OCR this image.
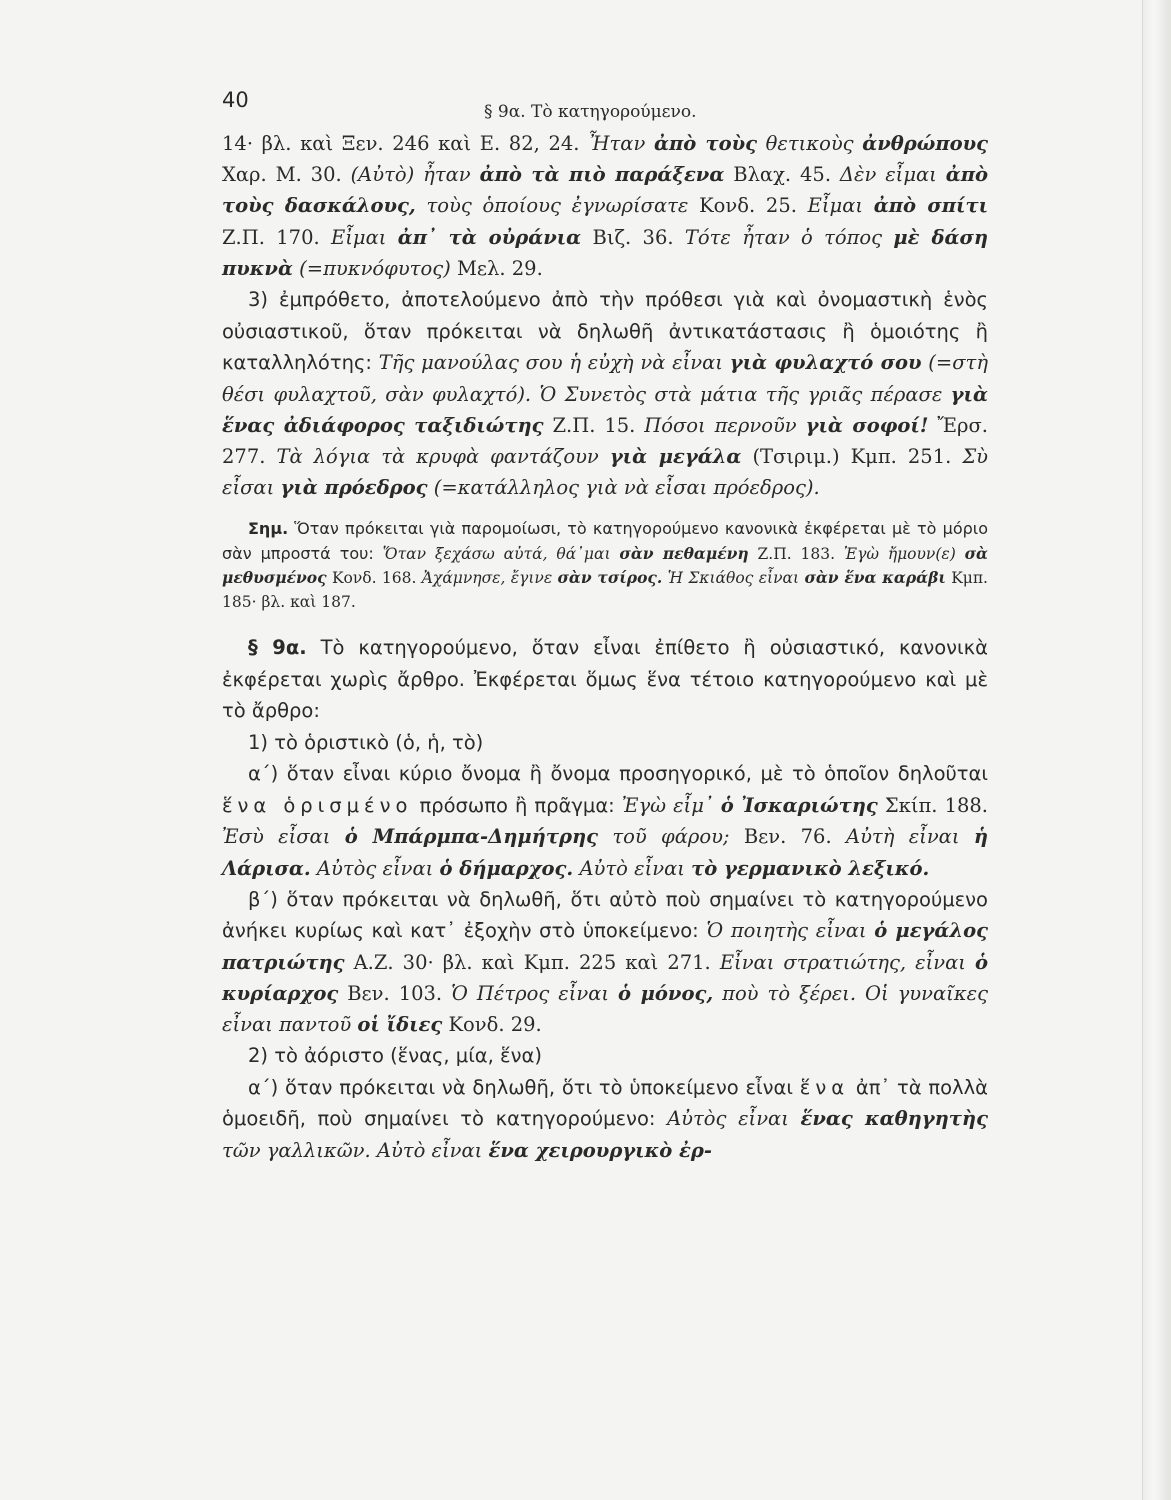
40	§ 9α. Τὸ κατηγορούμενο.

14· βλ. καὶ Ξεν. 246 καὶ Ε. 82, 24. Ἦταν ἀπὸ τοὺς θετικοὺς ἀνθρώπους Χαρ. Μ. 30. (Αὐτὸ) ἦταν ἀπὸ τὰ πιὸ παράξενα Βλαχ. 45. Δὲν εἶμαι ἀπὸ τοὺς δασκάλους, τοὺς ὁποίους ἐγνωρίσατε Κονδ. 25. Εἶμαι ἀπὸ σπίτι Ζ.Π. 170. Εἶμαι ἀπ᾽ τὰ οὐράνια Βιζ. 36. Τότε ἦταν ὁ τόπος μὲ δάση πυκνὰ (=πυκνόφυτος) Μελ. 29.

3) ἐμπρόθετο, ἀποτελούμενο ἀπὸ τὴν πρόθεσι γιὰ καὶ ὀνομαστικὴ ἑνὸς οὐσιαστικοῦ, ὅταν πρόκειται νὰ δηλωθῆ ἀντικατάστασις ἢ ὁμοιότης ἢ καταλληλότης: Τῆς μανούλας σου ἡ εὐχὴ νὰ εἶναι γιὰ φυλαχτό σου (=στὴ θέσι φυλαχτοῦ, σὰν φυλαχτό). Ὁ Συνετὸς στὰ μάτια τῆς γριᾶς πέρασε γιὰ ἕνας ἀδιάφορος ταξιδιώτης Ζ.Π. 15. Πόσοι περνοῦν γιὰ σοφοί! Ἔρσ. 277. Τὰ λόγια τὰ κρυφὰ φαντάζουν γιὰ μεγάλα (Τσιριμ.) Κμπ. 251. Σὺ εἶσαι γιὰ πρόεδρος (=κατάλληλος γιὰ νὰ εἶσαι πρόεδρος).

Σημ. Ὅταν πρόκειται γιὰ παρομοίωσι, τὸ κατηγορούμενο κανονικὰ ἐκφέρεται μὲ τὸ μόριο σὰν μπροστά του: Ὅταν ξεχάσω αὐτά, θά᾽μαι σὰν πεθαμένη Ζ.Π. 183. Ἐγὼ ἤμουν(ε) σὰ μεθυσμένος Κονδ. 168. Ἀχάμνησε, ἔγινε σὰν τσίρος. Ἡ Σκιάθος εἶναι σὰν ἕνα καράβι Κμπ. 185· βλ. καὶ 187.

§ 9α. Τὸ κατηγορούμενο, ὅταν εἶναι ἐπίθετο ἢ οὐσιαστικό, κανονικὰ ἐκφέρεται χωρὶς ἄρθρο. Ἐκφέρεται ὅμως ἕνα τέτοιο κατηγορούμενο καὶ μὲ τὸ ἄρθρο:

1) τὸ ὁριστικὸ (ὁ, ἡ, τὸ)

α΄) ὅταν εἶναι κύριο ὄνομα ἢ ὄνομα προσηγορικό, μὲ τὸ ὁποῖον δηλοῦται ἕνα ὁρισμένο πρόσωπο ἢ πρᾶγμα: Ἐγὼ εἶμ᾽ ὁ Ἰσκαριώτης Σκίπ. 188. Ἐσὺ εἶσαι ὁ Μπάρμπα-Δημήτρης τοῦ φάρου; Βεν. 76. Αὐτὴ εἶναι ἡ Λάρισα. Αὐτὸς εἶναι ὁ δήμαρχος. Αὐτὸ εἶναι τὸ γερμανικὸ λεξικό.

β΄) ὅταν πρόκειται νὰ δηλωθῆ, ὅτι αὐτὸ ποὺ σημαίνει τὸ κατηγορούμενο ἀνήκει κυρίως καὶ κατ᾽ ἐξοχὴν στὸ ὑποκείμενο: Ὁ ποιητὴς εἶναι ὁ μεγάλος πατριώτης Α.Ζ. 30· βλ. καὶ Κμπ. 225 καὶ 271. Εἶναι στρατιώτης, εἶναι ὁ κυρίαρχος Βεν. 103. Ὁ Πέτρος εἶναι ὁ μόνος, ποὺ τὸ ξέρει. Οἱ γυναῖκες εἶναι παντοῦ οἱ ἴδιες Κονδ. 29.

2) τὸ ἀόριστο (ἕνας, μία, ἕνα)

α΄) ὅταν πρόκειται νὰ δηλωθῆ, ὅτι τὸ ὑποκείμενο εἶναι ἕνα ἀπ᾽ τὰ πολλὰ ὁμοειδῆ, ποὺ σημαίνει τὸ κατηγορούμενο: Αὐτὸς εἶναι ἕνας καθηγητὴς τῶν γαλλικῶν. Αὐτὸ εἶναι ἕνα χειρουργικὸ ἐρ-
